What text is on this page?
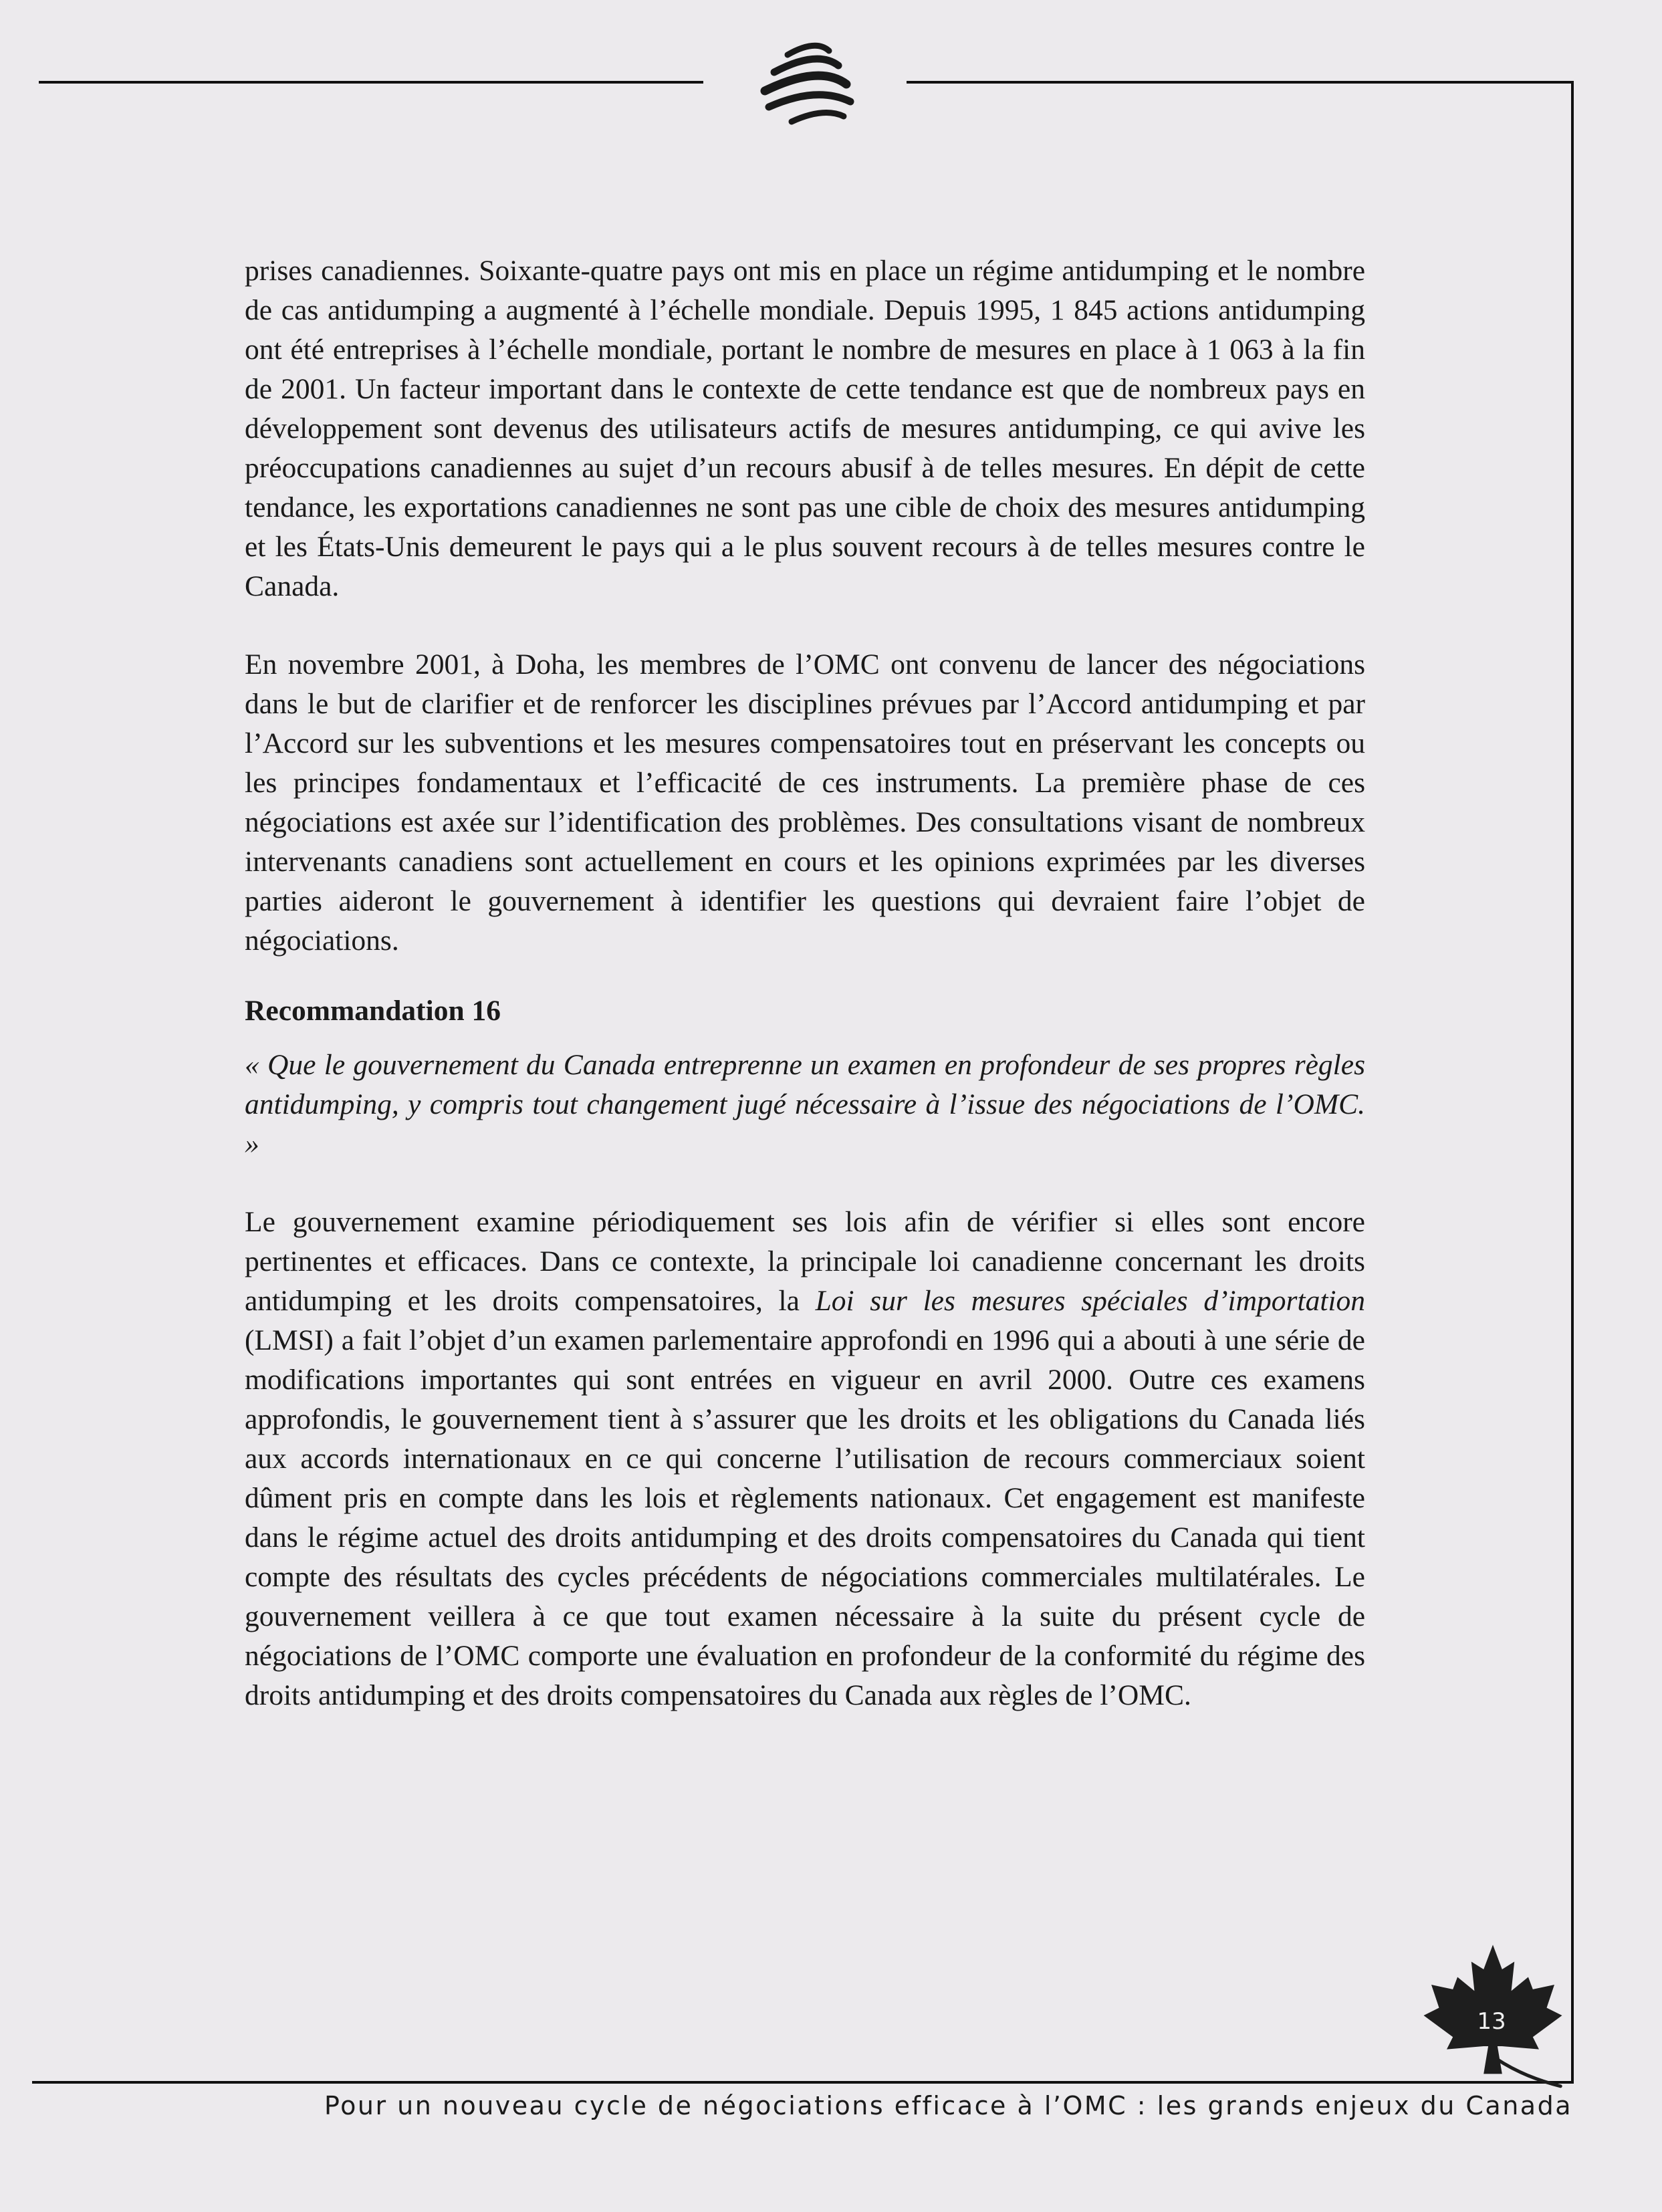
prises canadiennes. Soixante-quatre pays ont mis en place un régime antidumping et le nombre de cas antidumping a augmenté à l’échelle mondiale. Depuis 1995, 1 845 actions antidumping ont été entreprises à l’échelle mondiale, portant le nombre de mesures en place à 1 063 à la fin de 2001. Un facteur important dans le contexte de cette tendance est que de nombreux pays en développement sont devenus des utilisateurs actifs de mesures antidumping, ce qui avive les préoccupations canadiennes au sujet d’un recours abusif à de telles mesures. En dépit de cette tendance, les exportations canadiennes ne sont pas une cible de choix des mesures antidumping et les États-Unis demeurent le pays qui a le plus souvent recours à de telles mesures contre le Canada.

En novembre 2001, à Doha, les membres de l’OMC ont convenu de lancer des négociations dans le but de clarifier et de renforcer les disciplines prévues par l’Accord antidumping et par l’Accord sur les subventions et les mesures compensatoires tout en préservant les concepts ou les principes fondamentaux et l’efficacité de ces instruments. La première phase de ces négociations est axée sur l’identification des problèmes. Des consultations visant de nombreux intervenants canadiens sont actuellement en cours et les opinions exprimées par les diverses parties aideront le gouvernement à identifier les questions qui devraient faire l’objet de négociations.

Recommandation 16

« Que le gouvernement du Canada entreprenne un examen en profondeur de ses propres règles antidumping, y compris tout changement jugé nécessaire à l’issue des négociations de l’OMC. »

Le gouvernement examine périodiquement ses lois afin de vérifier si elles sont encore pertinentes et efficaces. Dans ce contexte, la principale loi canadienne concernant les droits antidumping et les droits compensatoires, la Loi sur les mesures spéciales d’importation (LMSI) a fait l’objet d’un examen parlementaire approfondi en 1996 qui a abouti à une série de modifications importantes qui sont entrées en vigueur en avril 2000. Outre ces examens approfondis, le gouvernement tient à s’assurer que les droits et les obligations du Canada liés aux accords internationaux en ce qui concerne l’utilisation de recours commerciaux soient dûment pris en compte dans les lois et règlements nationaux. Cet engagement est manifeste dans le régime actuel des droits antidumping et des droits compensatoires du Canada qui tient compte des résultats des cycles précédents de négociations commerciales multilatérales. Le gouvernement veillera à ce que tout examen nécessaire à la suite du présent cycle de négociations de l’OMC comporte une évaluation en profondeur de la conformité du régime des droits antidumping et des droits compensatoires du Canada aux règles de l’OMC.

13
Pour un nouveau cycle de négociations efficace à l’OMC : les grands enjeux du Canada
